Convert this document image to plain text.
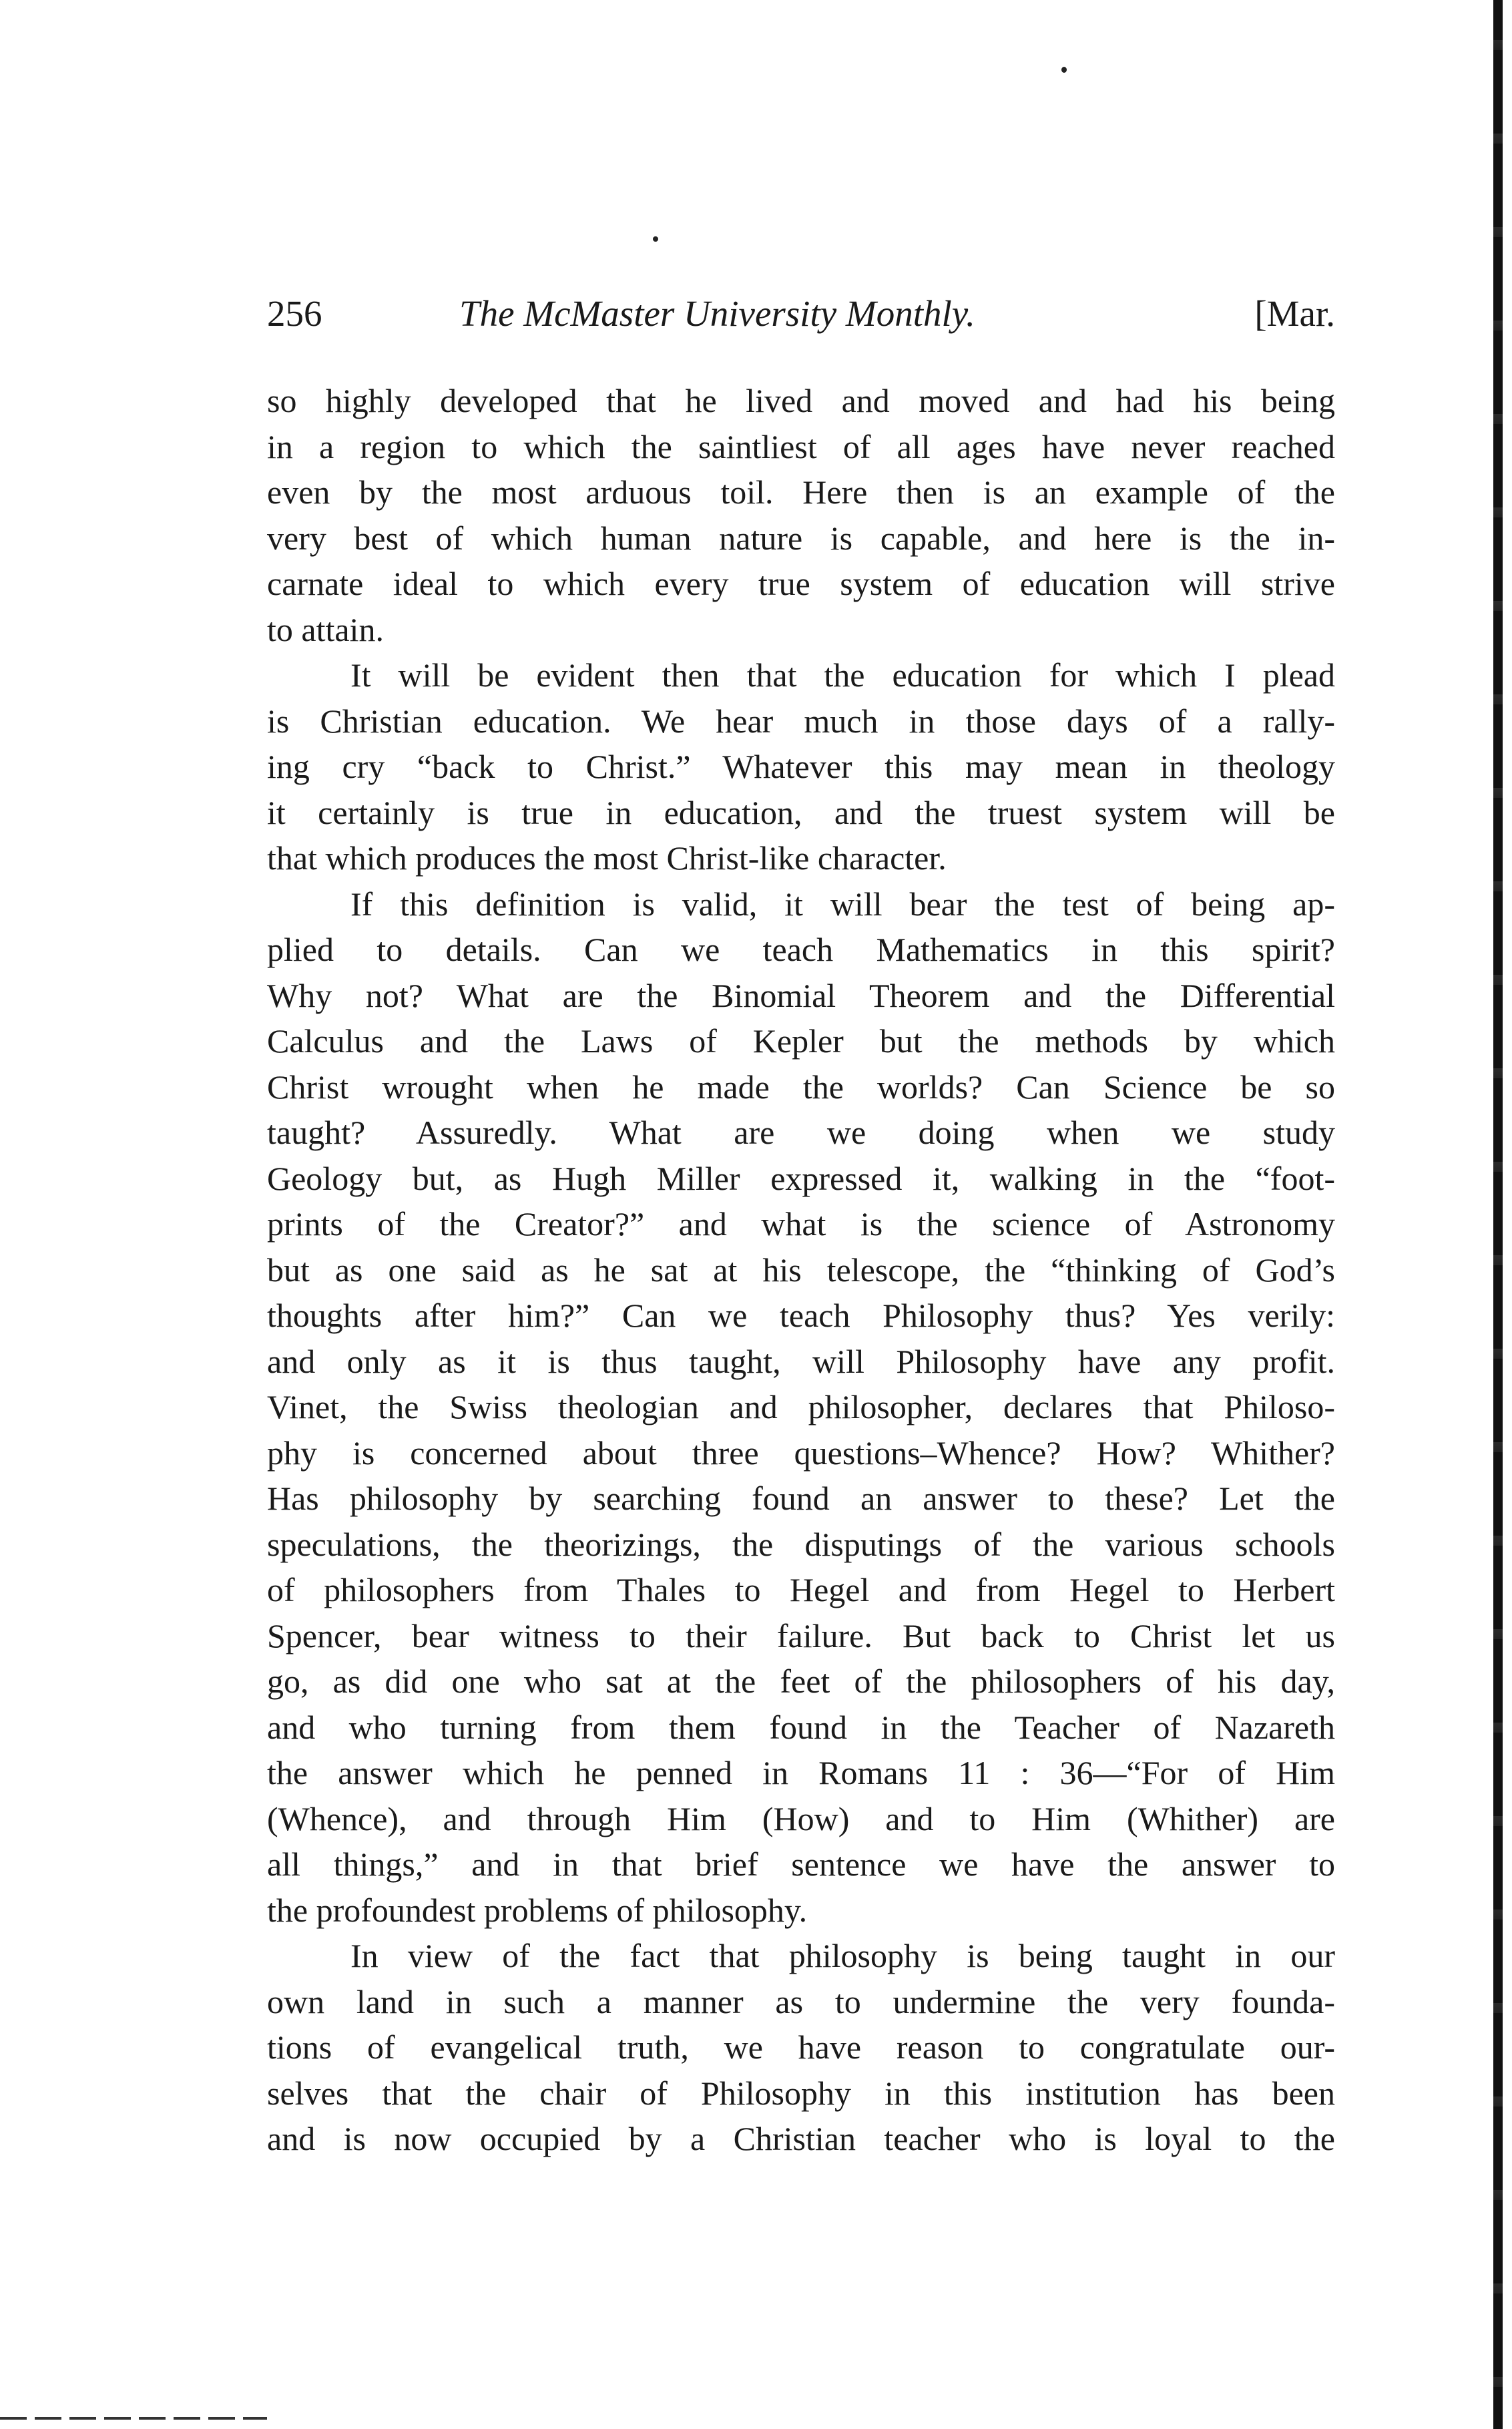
256	The McMaster University Monthly.	[Mar.
so highly developed that he lived and moved and had his being
in a region to which the saintliest of all ages have never reached
even by the most arduous toil. Here then is an example of the
very best of which human nature is capable, and here is the in-
carnate ideal to which every true system of education will strive
to attain.
It will be evident then that the education for which I plead
is Christian education. We hear much in those days of a rally-
ing cry “back to Christ.” Whatever this may mean in theology
it certainly is true in education, and the truest system will be
that which produces the most Christ-like character.
If this definition is valid, it will bear the test of being ap-
plied to details. Can we teach Mathematics in this spirit?
Why not? What are the Binomial Theorem and the Differential
Calculus and the Laws of Kepler but the methods by which
Christ wrought when he made the worlds? Can Science be so
taught? Assuredly. What are we doing when we study
Geology but, as Hugh Miller expressed it, walking in the “foot-
prints of the Creator?” and what is the science of Astronomy
but as one said as he sat at his telescope, the “thinking of God’s
thoughts after him?” Can we teach Philosophy thus? Yes verily:
and only as it is thus taught, will Philosophy have any profit.
Vinet, the Swiss theologian and philosopher, declares that Philoso-
phy is concerned about three questions–Whence? How? Whither?
Has philosophy by searching found an answer to these? Let the
speculations, the theorizings, the disputings of the various schools
of philosophers from Thales to Hegel and from Hegel to Herbert
Spencer, bear witness to their failure. But back to Christ let us
go, as did one who sat at the feet of the philosophers of his day,
and who turning from them found in the Teacher of Nazareth
the answer which he penned in Romans 11 : 36—“For of Him
(Whence), and through Him (How) and to Him (Whither) are
all things,” and in that brief sentence we have the answer to
the profoundest problems of philosophy.
In view of the fact that philosophy is being taught in our
own land in such a manner as to undermine the very founda-
tions of evangelical truth, we have reason to congratulate our-
selves that the chair of Philosophy in this institution has been
and is now occupied by a Christian teacher who is loyal to the
